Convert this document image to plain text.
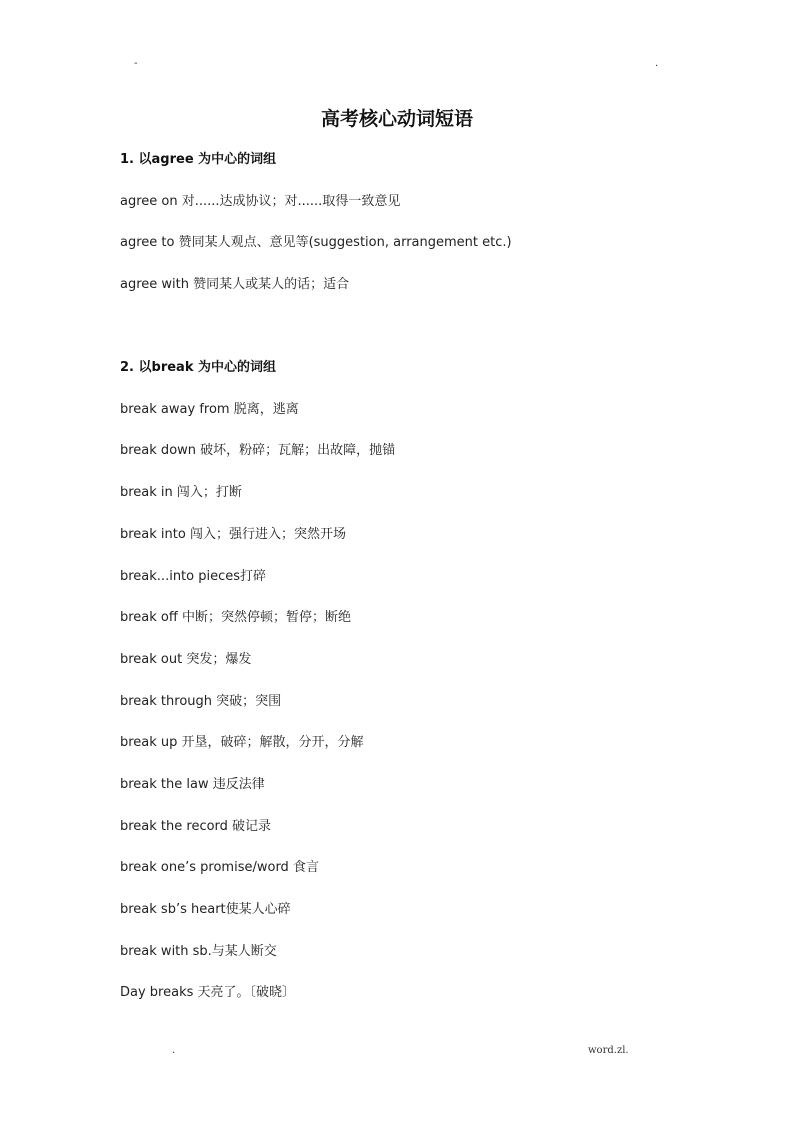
-	.
高考核心动词短语

1. 以agree 为中心的词组

agree on 对......达成协议；对......取得一致意见

agree to 赞同某人观点、意见等(suggestion, arrangement etc.)

agree with 赞同某人或某人的话；适合

2. 以break 为中心的词组

break away from 脱离，逃离

break down 破坏，粉碎；瓦解；出故障，抛锚

break in 闯入；打断

break into 闯入；强行进入；突然开场

break...into pieces打碎

break off 中断；突然停顿；暂停；断绝

break out 突发；爆发

break through 突破；突围

break up 开垦，破碎；解散，分开，分解

break the law 违反法律

break the record 破记录

break one’s promise/word 食言

break sb’s heart使某人心碎

break with sb.与某人断交

Day breaks 天亮了。〔破晓〕

.	word.zl.
